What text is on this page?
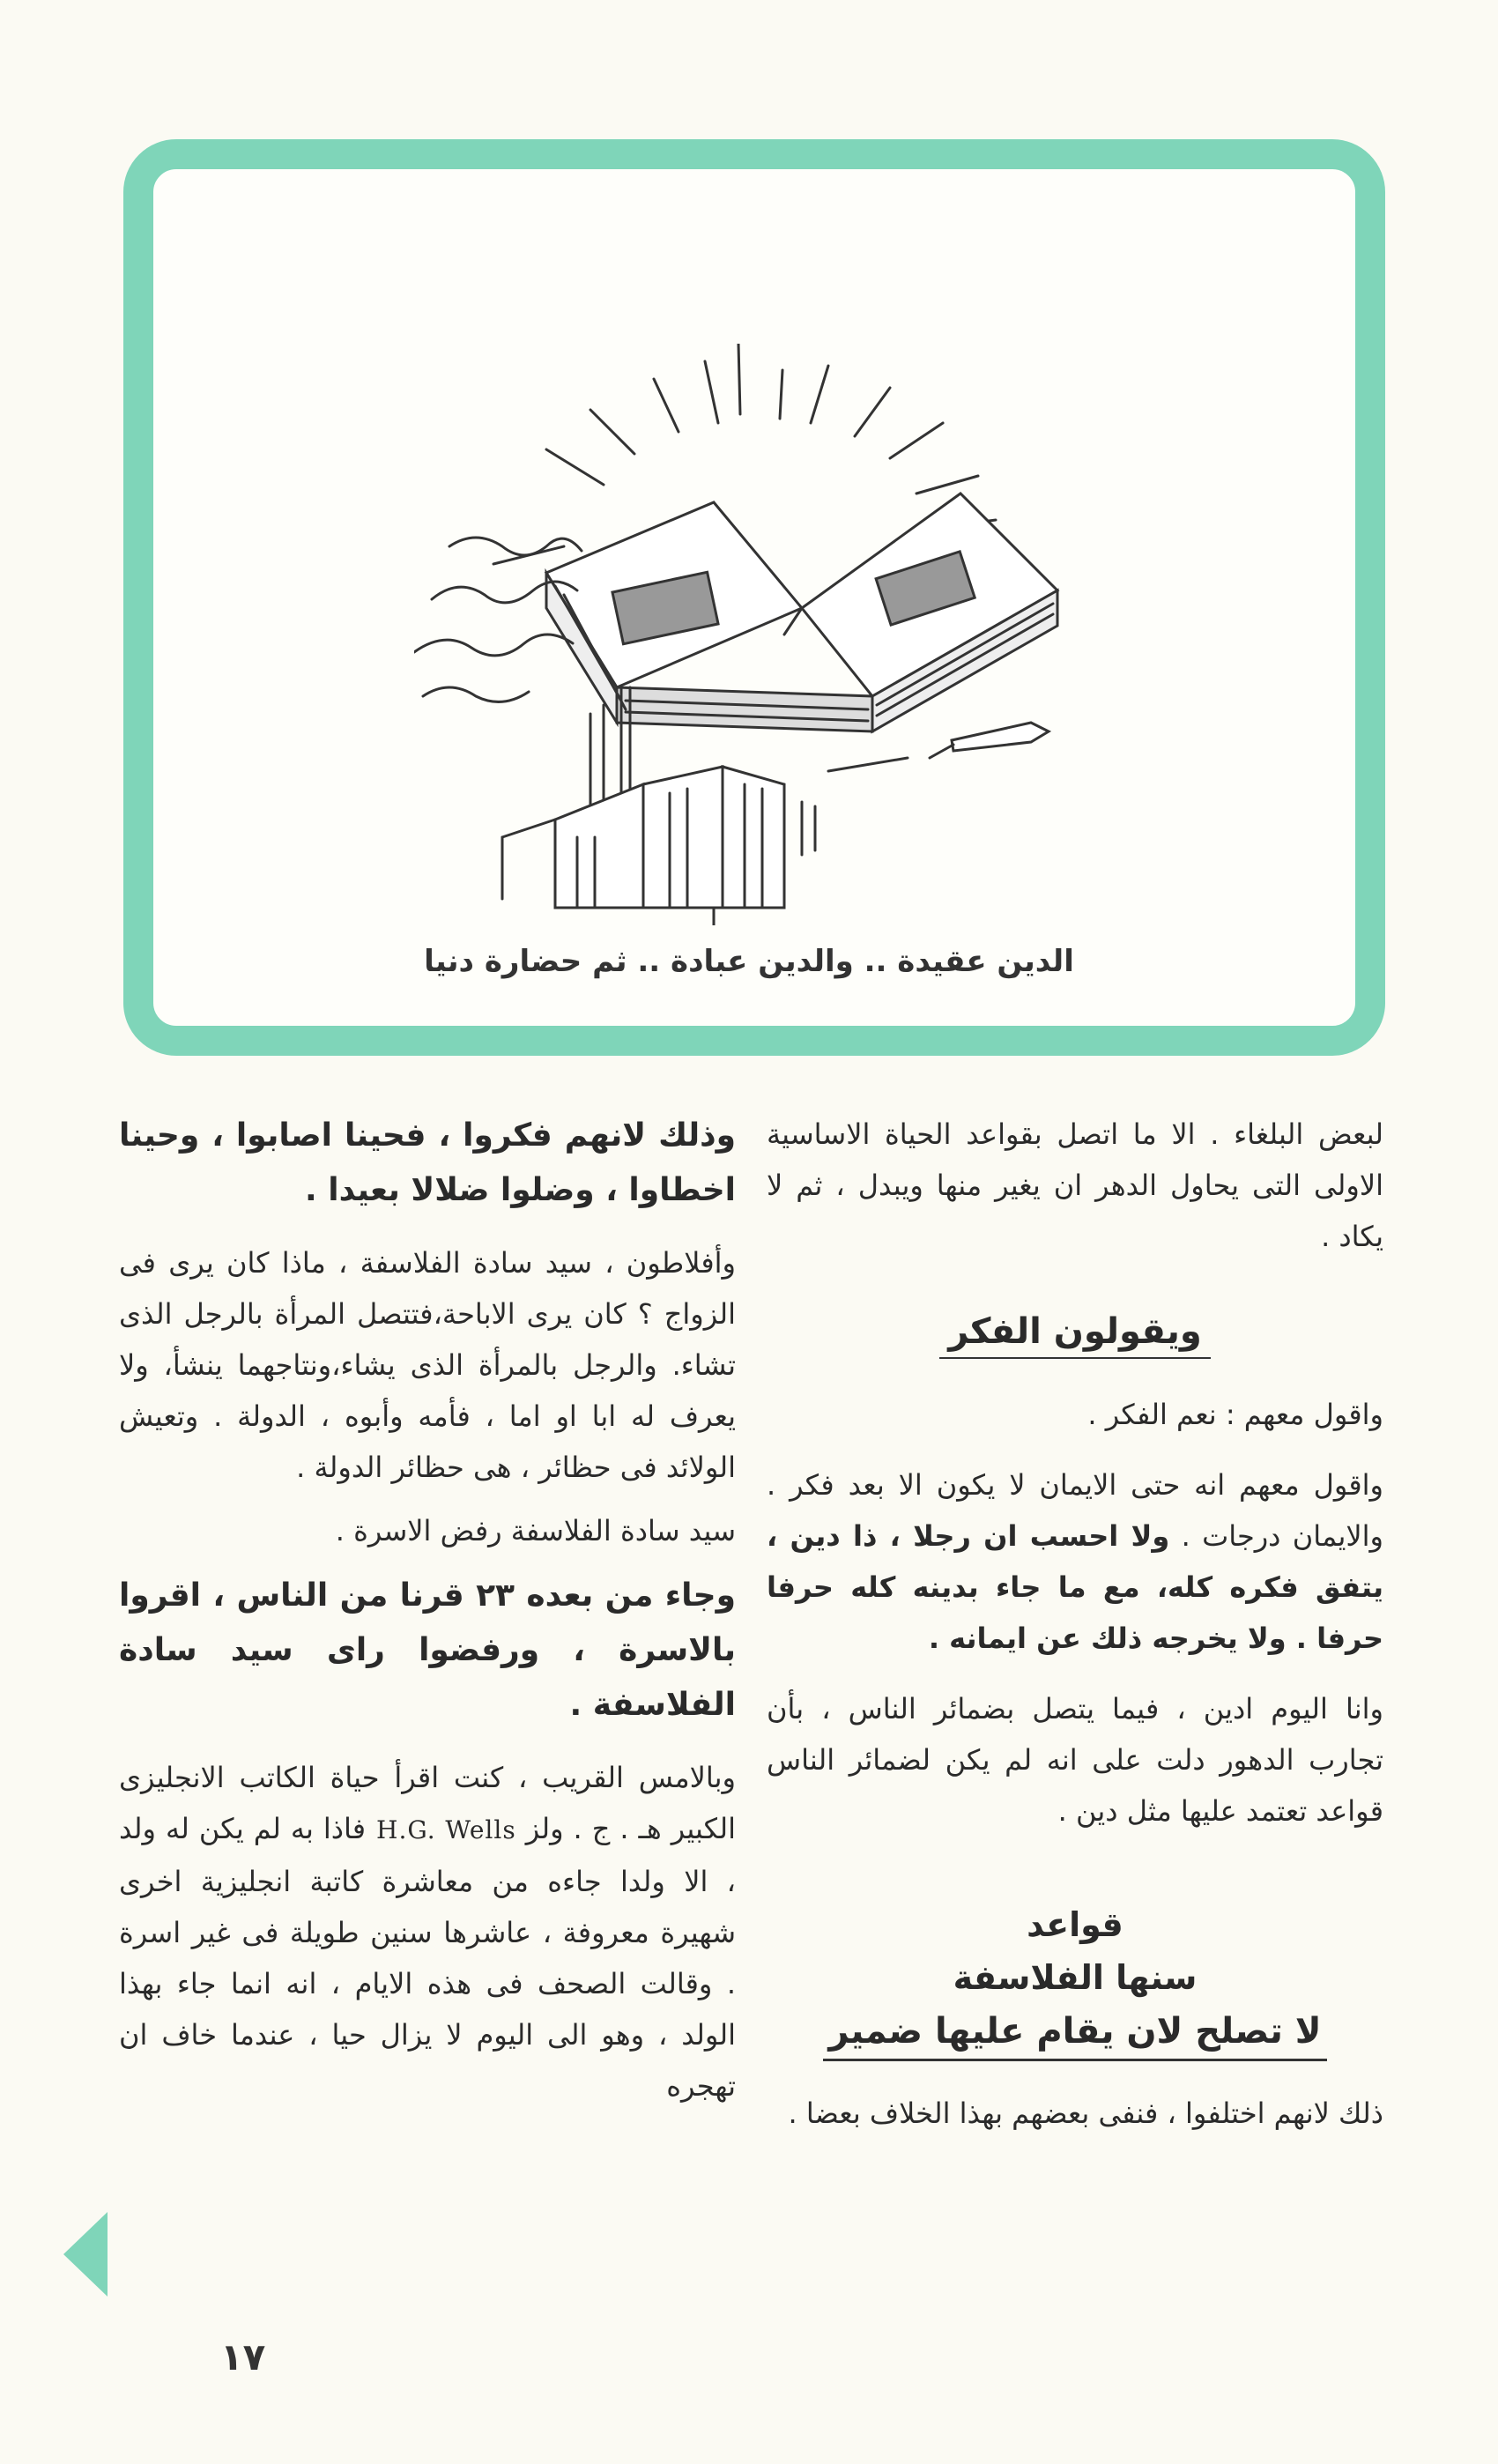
الدين عقيدة .. والدين عبادة .. ثم حضارة دنيا

لبعض البلغاء . الا ما اتصل بقواعد الحياة الاساسية الاولى التى يحاول الدهر ان يغير منها ويبدل ، ثم لا يكاد .

ويقولون الفكر

واقول معهم : نعم الفكر .

واقول معهم انه حتى الايمان لا يكون الا بعد فكر . والايمان درجات . ولا احسب ان رجلا ، ذا دين ، يتفق فكره كله، مع ما جاء بدينه كله حرفا حرفا . ولا يخرجه ذلك عن ايمانه .

وانا اليوم ادين ، فيما يتصل بضمائر الناس ، بأن تجارب الدهور دلت على انه لم يكن لضمائر الناس قواعد تعتمد عليها مثل دين .

قواعد
سنها الفلاسفة
لا تصلح لان يقام عليها ضمير

ذلك لانهم اختلفوا ، فنفى بعضهم بهذا الخلاف بعضا .

وذلك لانهم فكروا ، فحينا اصابوا ، وحينا اخطاوا ، وضلوا ضلالا بعيدا .

وأفلاطون ، سيد سادة الفلاسفة ، ماذا كان يرى فى الزواج ؟ كان يرى الاباحة،فتتصل المرأة بالرجل الذى تشاء. والرجل بالمرأة الذى يشاء،ونتاجهما ينشأ، ولا يعرف له ابا او اما ، فأمه وأبوه ، الدولة . وتعيش الولائد فى حظائر ، هى حظائر الدولة .

سيد سادة الفلاسفة رفض الاسرة .

وجاء من بعده ٢٣ قرنا من الناس ، اقروا بالاسرة ، ورفضوا راى سيد سادة الفلاسفة .

وبالامس القريب ، كنت اقرأ حياة الكاتب الانجليزى الكبير هـ . ج . ولز H.G. Wells فاذا به لم يكن له ولد ، الا ولدا جاءه من معاشرة كاتبة انجليزية اخرى شهيرة معروفة ، عاشرها سنين طويلة فى غير اسرة . وقالت الصحف فى هذه الايام ، انه انما جاء بهذا الولد ، وهو الى اليوم لا يزال حيا ، عندما خاف ان تهجره

١٧
